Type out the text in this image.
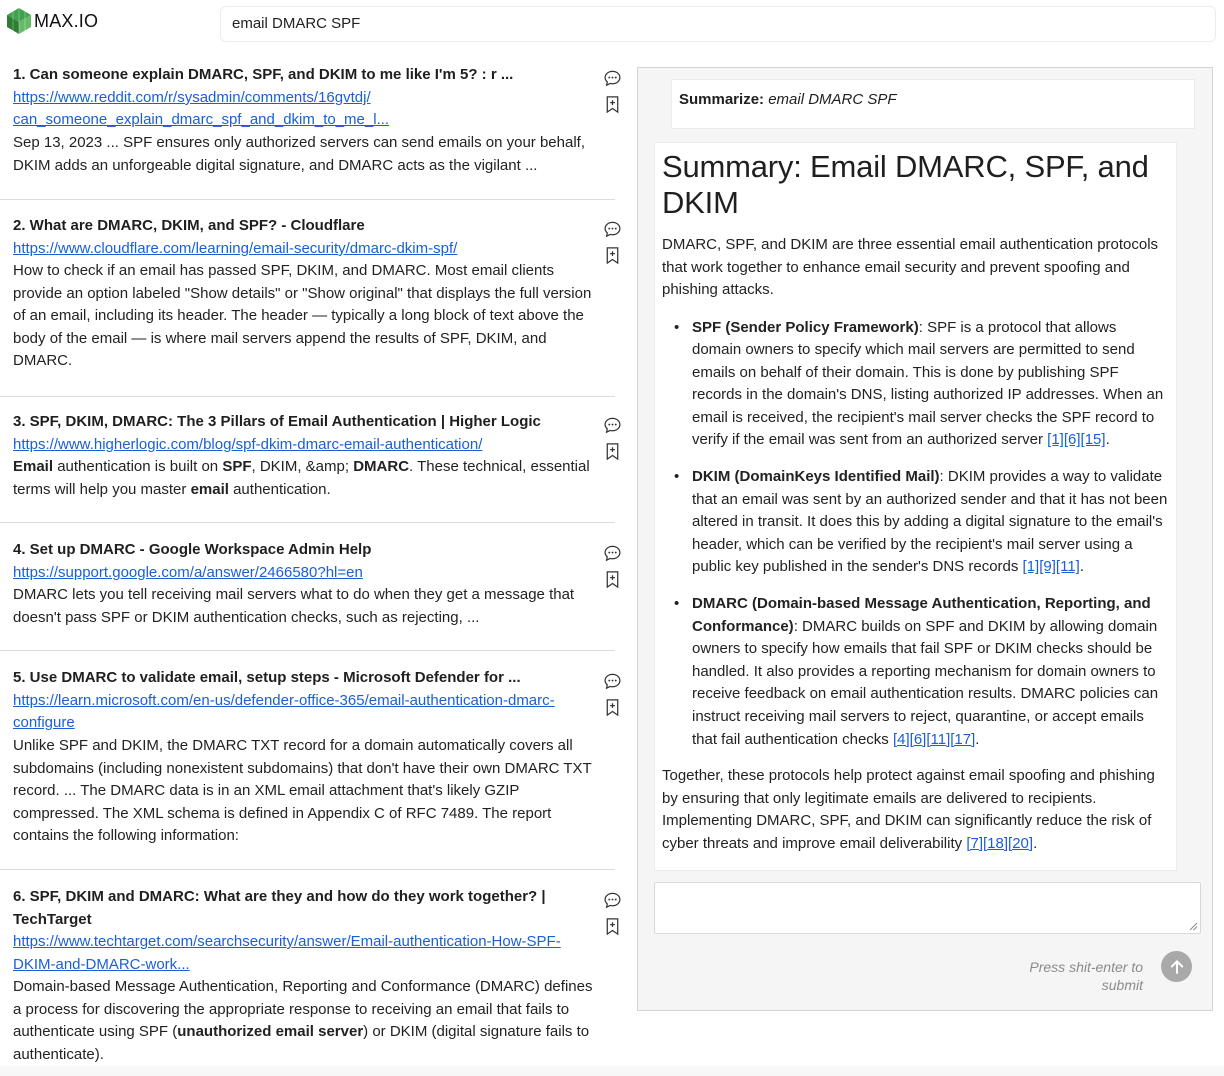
MAX.IO	email DMARC SPF
1. Can someone explain DMARC, SPF, and DKIM to me like I'm 5? : r ...
https://www.reddit.com/r/sysadmin/comments/16gvtdj/
can_someone_explain_dmarc_spf_and_dkim_to_me_l...
Sep 13, 2023 ... SPF ensures only authorized servers can send emails on your behalf, DKIM adds an unforgeable digital signature, and DMARC acts as the vigilant ...
2. What are DMARC, DKIM, and SPF? - Cloudflare
https://www.cloudflare.com/learning/email-security/dmarc-dkim-spf/
How to check if an email has passed SPF, DKIM, and DMARC. Most email clients provide an option labeled "Show details" or "Show original" that displays the full version of an email, including its header. The header — typically a long block of text above the body of the email — is where mail servers append the results of SPF, DKIM, and DMARC.
3. SPF, DKIM, DMARC: The 3 Pillars of Email Authentication | Higher Logic
https://www.higherlogic.com/blog/spf-dkim-dmarc-email-authentication/
Email authentication is built on SPF, DKIM, &amp; DMARC. These technical, essential terms will help you master email authentication.
4. Set up DMARC - Google Workspace Admin Help
https://support.google.com/a/answer/2466580?hl=en
DMARC lets you tell receiving mail servers what to do when they get a message that doesn't pass SPF or DKIM authentication checks, such as rejecting, ...
5. Use DMARC to validate email, setup steps - Microsoft Defender for ...
https://learn.microsoft.com/en-us/defender-office-365/email-authentication-dmarc-
configure
Unlike SPF and DKIM, the DMARC TXT record for a domain automatically covers all subdomains (including nonexistent subdomains) that don't have their own DMARC TXT record. ... The DMARC data is in an XML email attachment that's likely GZIP compressed. The XML schema is defined in Appendix C of RFC 7489. The report contains the following information:
6. SPF, DKIM and DMARC: What are they and how do they work together? | TechTarget
https://www.techtarget.com/searchsecurity/answer/Email-authentication-How-SPF-
DKIM-and-DMARC-work...
Domain-based Message Authentication, Reporting and Conformance (DMARC) defines a process for discovering the appropriate response to receiving an email that fails to authenticate using SPF (unauthorized email server) or DKIM (digital signature fails to authenticate).
Summarize: email DMARC SPF
Summary: Email DMARC, SPF, and DKIM

DMARC, SPF, and DKIM are three essential email authentication protocols that work together to enhance email security and prevent spoofing and phishing attacks.

• SPF (Sender Policy Framework): SPF is a protocol that allows domain owners to specify which mail servers are permitted to send emails on behalf of their domain. This is done by publishing SPF records in the domain's DNS, listing authorized IP addresses. When an email is received, the recipient's mail server checks the SPF record to verify if the email was sent from an authorized server [1][6][15].
• DKIM (DomainKeys Identified Mail): DKIM provides a way to validate that an email was sent by an authorized sender and that it has not been altered in transit. It does this by adding a digital signature to the email's header, which can be verified by the recipient's mail server using a public key published in the sender's DNS records [1][9][11].
• DMARC (Domain-based Message Authentication, Reporting, and Conformance): DMARC builds on SPF and DKIM by allowing domain owners to specify how emails that fail SPF or DKIM checks should be handled. It also provides a reporting mechanism for domain owners to receive feedback on email authentication results. DMARC policies can instruct receiving mail servers to reject, quarantine, or accept emails that fail authentication checks [4][6][11][17].

Together, these protocols help protect against email spoofing and phishing by ensuring that only legitimate emails are delivered to recipients. Implementing DMARC, SPF, and DKIM can significantly reduce the risk of cyber threats and improve email deliverability [7][18][20].

Press shit-enter to submit
